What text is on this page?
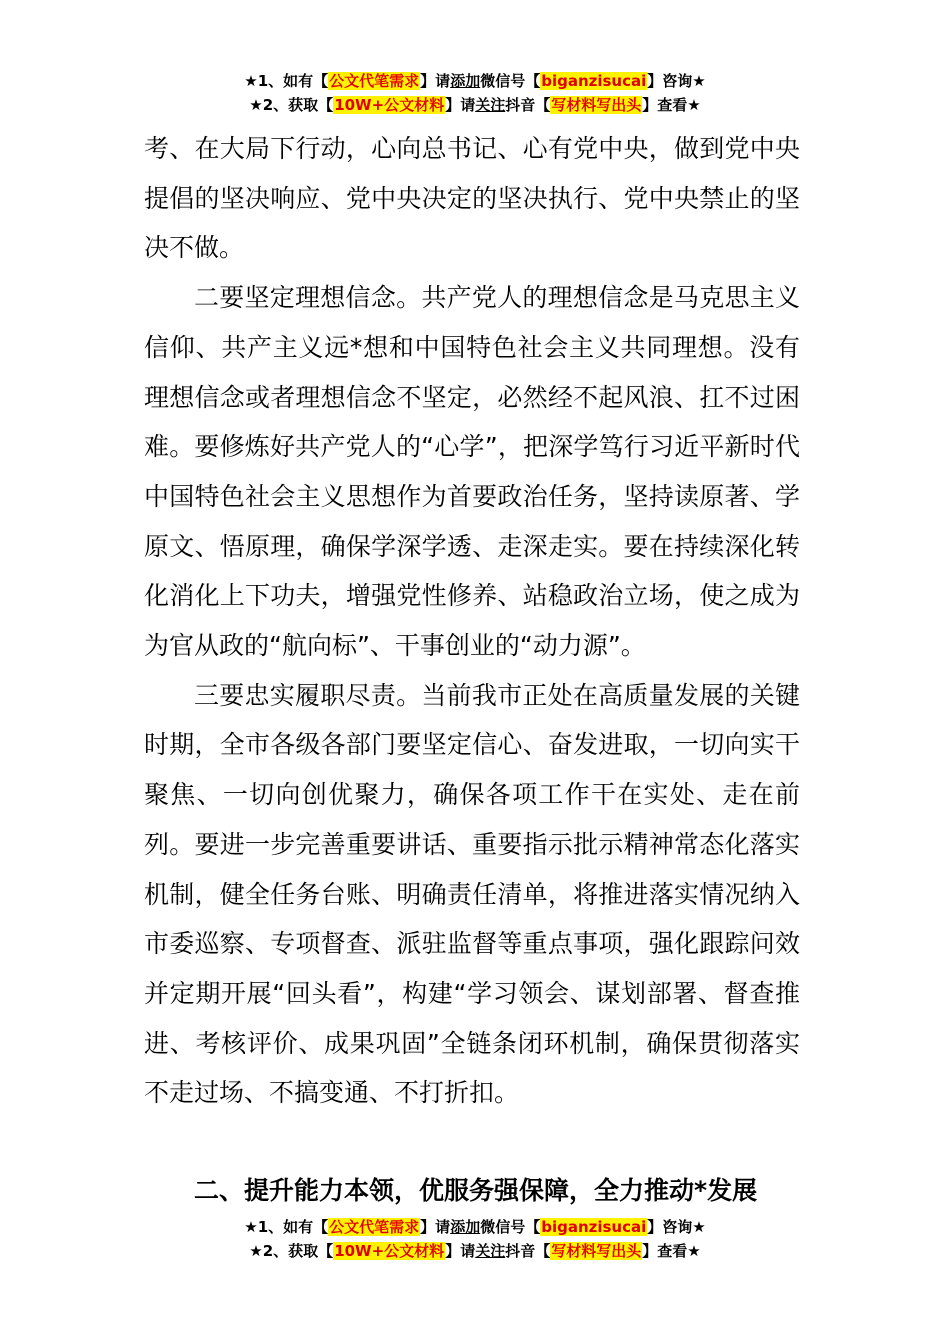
★1、如有【公文代笔需求】请添加微信号【biganzisucai】咨询★
★2、获取【10W+公文材料】请关注抖音【写材料写出头】查看★

考、在大局下行动，心向总书记、心有党中央，做到党中央提倡的坚决响应、党中央决定的坚决执行、党中央禁止的坚决不做。

二要坚定理想信念。共产党人的理想信念是马克思主义信仰、共产主义远*想和中国特色社会主义共同理想。没有理想信念或者理想信念不坚定，必然经不起风浪、扛不过困难。要修炼好共产党人的“心学”，把深学笃行习近平新时代中国特色社会主义思想作为首要政治任务，坚持读原著、学原文、悟原理，确保学深学透、走深走实。要在持续深化转化消化上下功夫，增强党性修养、站稳政治立场，使之成为为官从政的“航向标”、干事创业的“动力源”。

三要忠实履职尽责。当前我市正处在高质量发展的关键时期，全市各级各部门要坚定信心、奋发进取，一切向实干聚焦、一切向创优聚力，确保各项工作干在实处、走在前列。要进一步完善重要讲话、重要指示批示精神常态化落实机制，健全任务台账、明确责任清单，将推进落实情况纳入市委巡察、专项督查、派驻监督等重点事项，强化跟踪问效并定期开展“回头看”，构建“学习领会、谋划部署、督查推进、考核评价、成果巩固”全链条闭环机制，确保贯彻落实不走过场、不搞变通、不打折扣。

二、提升能力本领，优服务强保障，全力推动*发展
★1、如有【公文代笔需求】请添加微信号【biganzisucai】咨询★
★2、获取【10W+公文材料】请关注抖音【写材料写出头】查看★
